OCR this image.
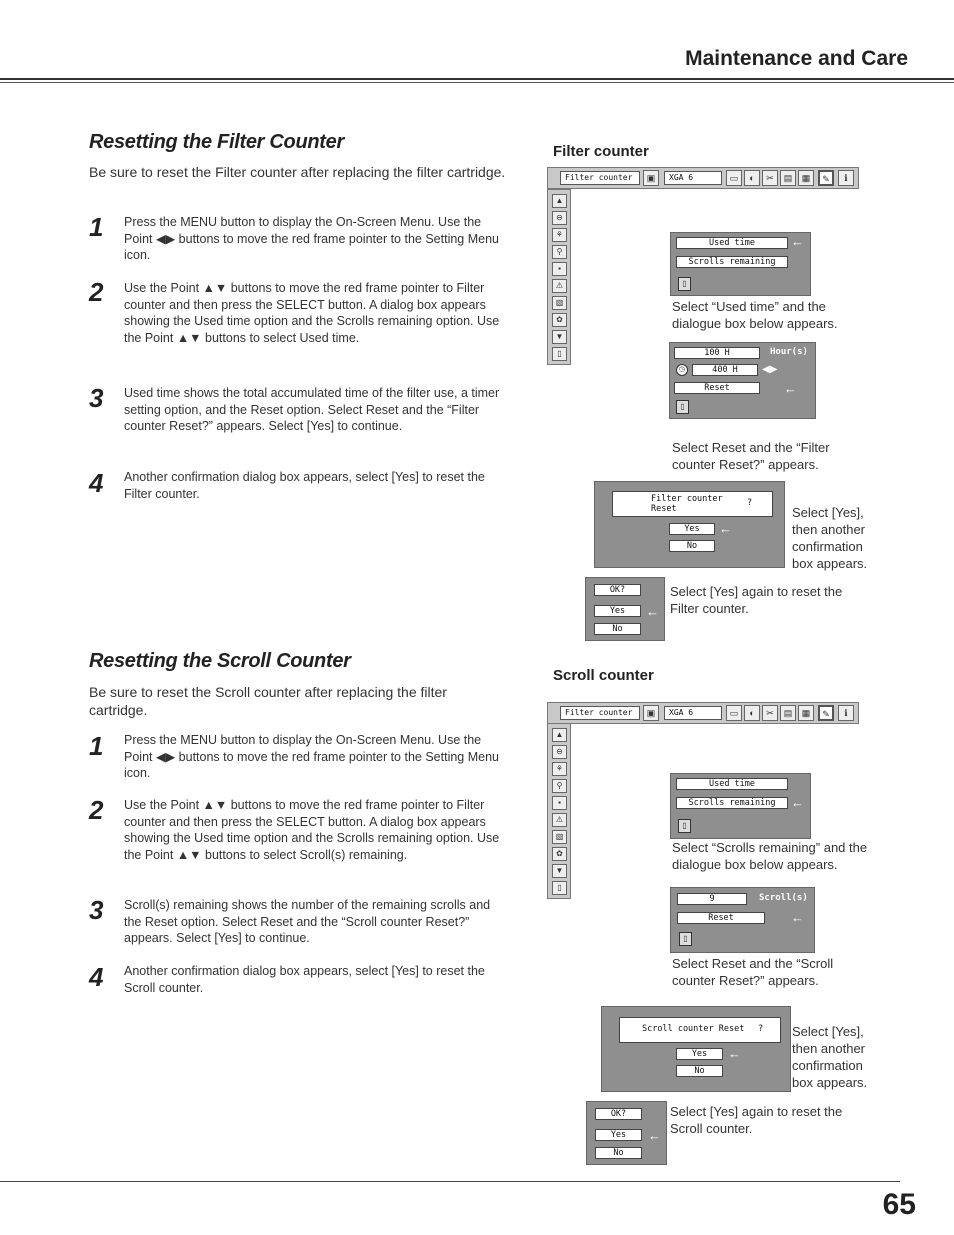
Maintenance and Care
Resetting the Filter Counter
Be sure to reset the Filter counter after replacing the filter cartridge.
1 Press the MENU button to display the On-Screen Menu. Use the Point ◀▶ buttons to move the red frame pointer to the Setting Menu icon.
2 Use the Point ▲▼ buttons to move the red frame pointer to Filter counter and then press the SELECT button. A dialog box appears showing the Used time option and the Scrolls remaining option. Use the Point ▲▼ buttons to select Used time.
3 Used time shows the total accumulated time of the filter use, a timer setting option, and the Reset option. Select Reset and the “Filter counter Reset?” appears. Select [Yes] to continue.
4 Another confirmation dialog box appears, select [Yes] to reset the Filter counter.
Filter counter
Filter counter	▣	XGA 6	▭	◐	✂	▤	▦	✎	ℹ
▲
⊖
⚘
⚲
▪
⚠
▧
✿
▼
▯
Used time	←
Scrolls remaining
▯
Select “Used time” and the dialogue box below appears.
100 H	Hour(s)
◷	400 H	◀▶
Reset	←
▯
Select Reset and the “Filter counter Reset?” appears.
Filter counter Reset
?
Yes	←
No
Select [Yes], then another confirmation box appears.
OK?
Yes	←
No
Select [Yes] again to reset the Filter counter.
Resetting the Scroll Counter
Be sure to reset the Scroll counter after replacing the filter cartridge.
1 Press the MENU button to display the On-Screen Menu. Use the Point ◀▶ buttons to move the red frame pointer to the Setting Menu icon.
2 Use the Point ▲▼ buttons to move the red frame pointer to Filter counter and then press the SELECT button. A dialog box appears showing the Used time option and the Scrolls remaining option. Use the Point ▲▼ buttons to select Scroll(s) remaining.
3 Scroll(s) remaining shows the number of the remaining scrolls and the Reset option. Select Reset and the “Scroll counter Reset?” appears. Select [Yes] to continue.
4 Another confirmation dialog box appears, select [Yes] to reset the Scroll counter.
Scroll counter
Filter counter	▣	XGA 6	▭	◐	✂	▤	▦	✎	ℹ
▲
⊖
⚘
⚲
▪
⚠
▧
✿
▼
▯
Used time
Scrolls remaining	←
▯
Select “Scrolls remaining” and the dialogue box below appears.
9	Scroll(s)
Reset	←
▯
Select Reset and the “Scroll counter Reset?” appears.
Scroll counter Reset ?
Yes	←
No
Select [Yes], then another confirmation box appears.
OK?
Yes	←
No
Select [Yes] again to reset the Scroll counter.
65
